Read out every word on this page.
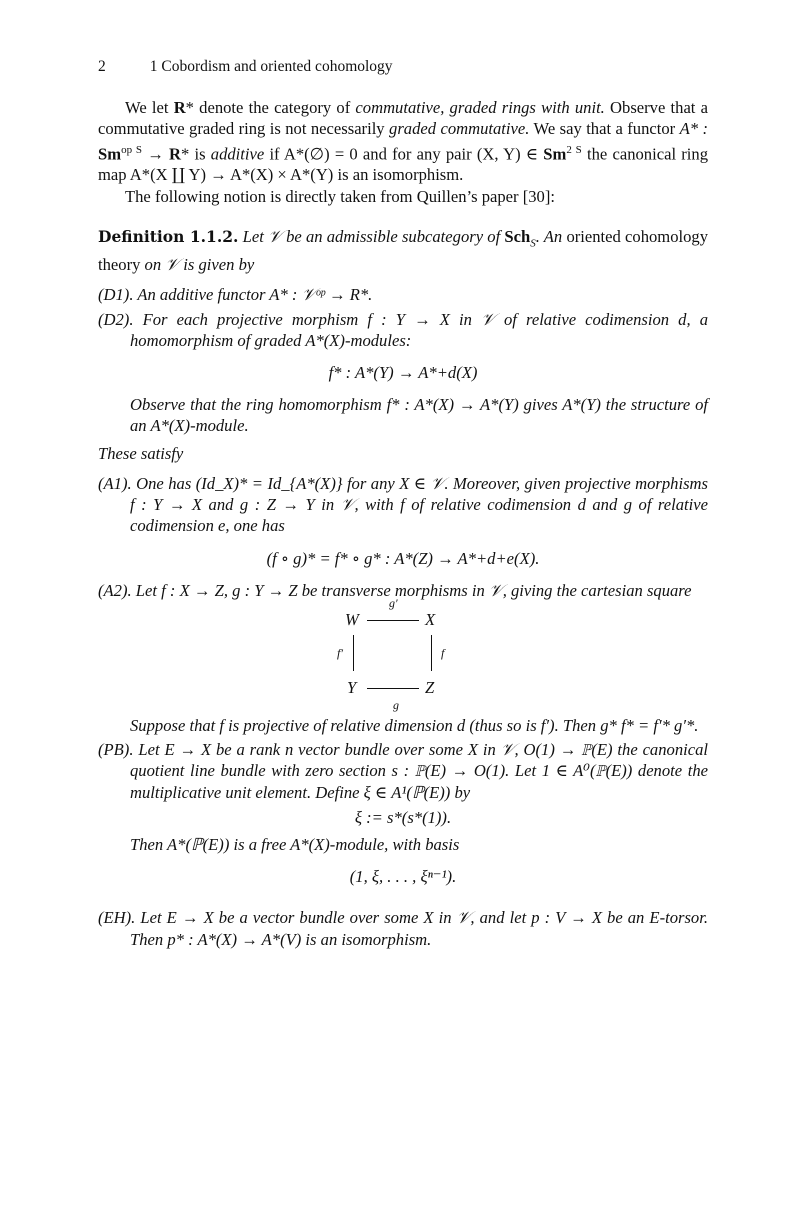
2	1 Cobordism and oriented cohomology

We let R* denote the category of commutative, graded rings with unit. Observe that a commutative graded ring is not necessarily graded commutative. We say that a functor A* : $Sm^{op S} \to R*$ is additive if A*(∅) = 0 and for any pair (X, Y) ∈ $Sm^{2 S}$ the canonical ring map A*(X ∐ Y) → A*(X) × A*(Y) is an isomorphism.

The following notion is directly taken from Quillen’s paper [30]:

Definition 1.1.2. Let 𝒱 be an admissible subcategory of Sch$_S$. An oriented cohomology theory on 𝒱 is given by

(D1). An additive functor A* : 𝒱ᵒᵖ → R*.

(D2). For each projective morphism f : Y → X in 𝒱 of relative codimension d, a homomorphism of graded A*(X)-modules:

f* : A*(Y) → A*+d(X)

Observe that the ring homomorphism f* : A*(X) → A*(Y) gives A*(Y) the structure of an A*(X)-module.

These satisfy

(A1). One has (Id_X)* = Id_{A*(X)} for any X ∈ 𝒱. Moreover, given projective morphisms f : Y → X and g : Z → Y in 𝒱, with f of relative codimension d and g of relative codimension e, one has

(f ∘ g)* = f* ∘ g* : A*(Z) → A*+d+e(X).

(A2). Let f : X → Z, g : Y → Z be transverse morphisms in 𝒱, giving the cartesian square

W	X
Y	Z
g′
f′	f
g

Suppose that f is projective of relative dimension d (thus so is f′). Then g* f* = f′* g′*.

(PB). Let E → X be a rank n vector bundle over some X in 𝒱, O(1) → ℙ(E) the canonical quotient line bundle with zero section s : ℙ(E) → O(1). Let 1 ∈ A⁰(ℙ(E)) denote the multiplicative unit element. Define ξ ∈ A¹(ℙ(E)) by

ξ := s*(s*(1)).

Then A*(ℙ(E)) is a free A*(X)-module, with basis

(1, ξ, . . . , ξⁿ⁻¹).

(EH). Let E → X be a vector bundle over some X in 𝒱, and let p : V → X be an E-torsor. Then p* : A*(X) → A*(V) is an isomorphism.
